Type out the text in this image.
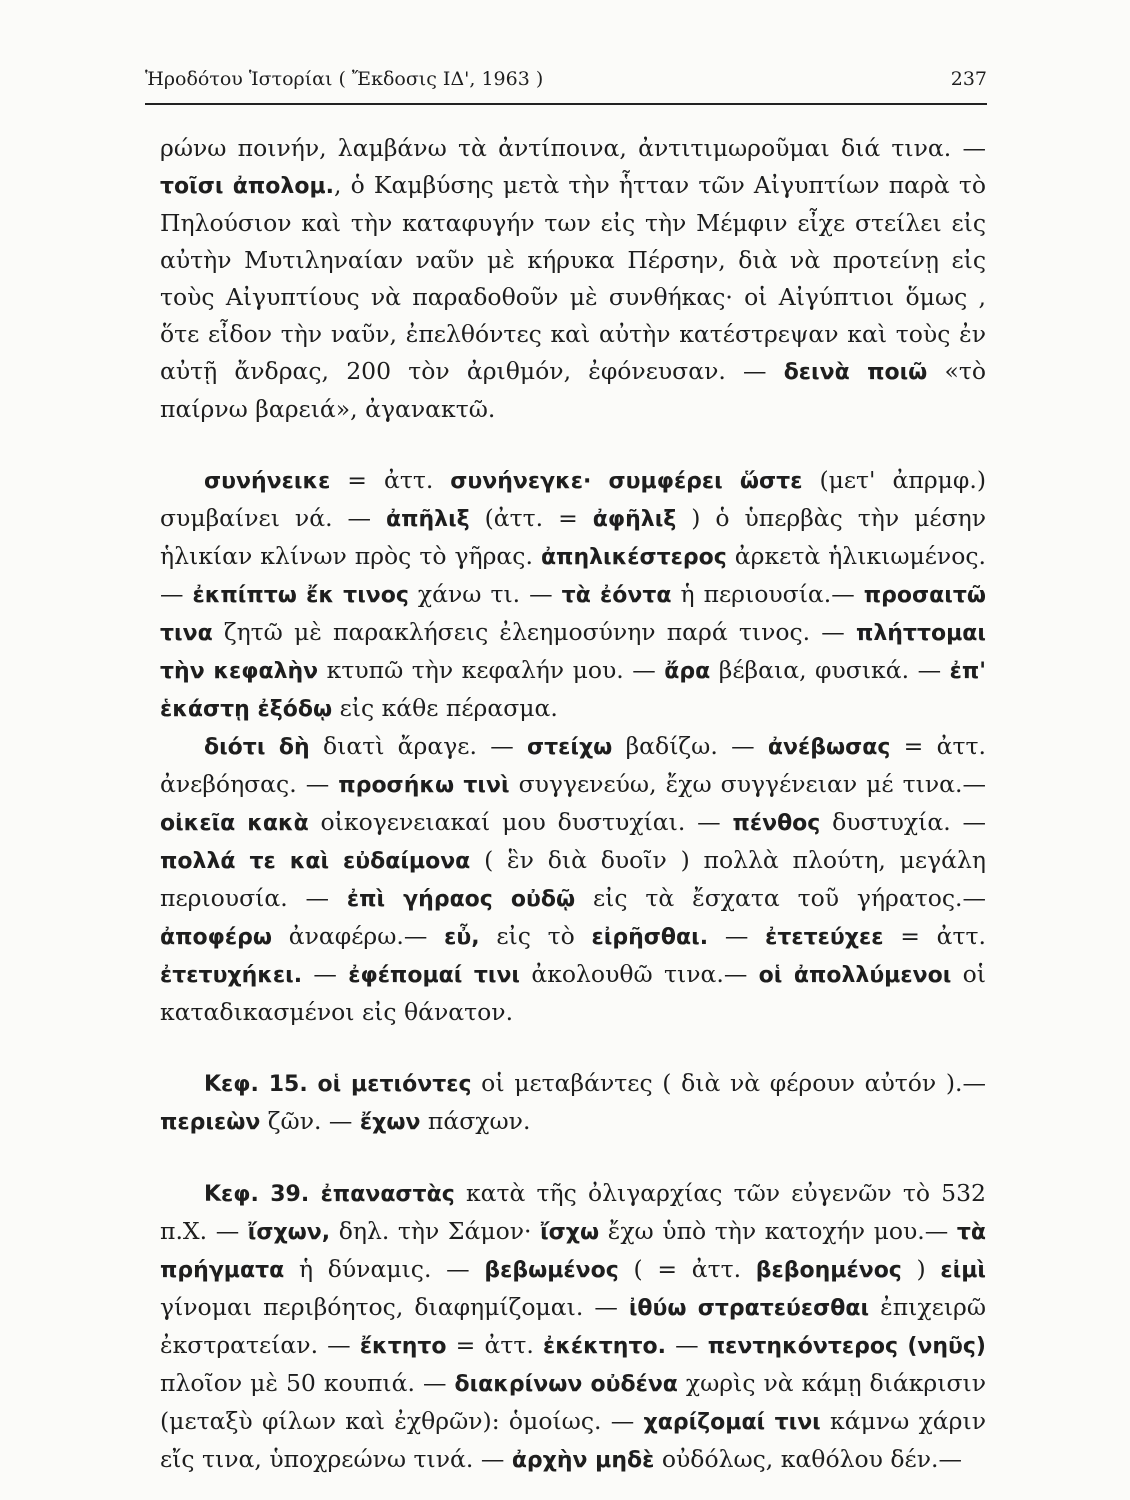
Ἡροδότου Ἱστορίαι ( Ἔκδοσις ΙΔ', 1963 )	237

ρώνω ποινήν, λαμβάνω τὰ ἀντίποινα, ἀντιτιμωροῦμαι διά τινα. — τοῖσι ἀπολομ., ὁ Καμβύσης μετὰ τὴν ἧτταν τῶν Αἰγυπτίων παρὰ τὸ Πηλούσιον καὶ τὴν καταφυγήν των εἰς τὴν Μέμφιν εἶχε στείλει εἰς αὐτὴν Μυτιληναίαν ναῦν μὲ κήρυκα Πέρσην, διὰ νὰ προτείνῃ εἰς τοὺς Αἰγυπτίους νὰ παραδοθοῦν μὲ συνθήκας· οἱ Αἰγύπτιοι ὅμως , ὅτε εἶδον τὴν ναῦν, ἐπελθόντες καὶ αὐτὴν κατέστρεψαν καὶ τοὺς ἐν αὐτῇ ἄνδρας, 200 τὸν ἀριθμόν, ἐφόνευσαν. — δεινὰ ποιῶ «τὸ παίρνω βαρειά», ἀγανακτῶ.

συνήνεικε = ἀττ. συνήνεγκε· συμφέρει ὥστε (μετ' ἀπρμφ.) συμβαίνει νά. — ἀπῆλιξ (ἀττ. = ἀφῆλιξ ) ὁ ὑπερβὰς τὴν μέσην ἡλικίαν κλίνων πρὸς τὸ γῆρας. ἀπηλικέστερος ἀρκετὰ ἡλικιωμένος. — ἐκπίπτω ἔκ τινος χάνω τι. — τὰ ἐόντα ἡ περιουσία.— προσαιτῶ τινα ζητῶ μὲ παρακλήσεις ἐλεημοσύνην παρά τινος. — πλήττομαι τὴν κεφαλὴν κτυπῶ τὴν κεφαλήν μου. — ἄρα βέβαια, φυσικά. — ἐπ' ἑκάστῃ ἐξόδῳ εἰς κάθε πέρασμα.

διότι δὴ διατὶ ἄραγε. — στείχω βαδίζω. — ἀνέβωσας = ἀττ. ἀνεβόησας. — προσήκω τινὶ συγγενεύω, ἔχω συγγένειαν μέ τινα.— οἰκεῖα κακὰ οἰκογενειακαί μου δυστυχίαι. — πένθος δυστυχία. — πολλά τε καὶ εὐδαίμονα ( ἓν διὰ δυοῖν ) πολλὰ πλούτη, μεγάλη περιουσία. — ἐπὶ γήραος οὐδῷ εἰς τὰ ἔσχατα τοῦ γήρατος.— ἀποφέρω ἀναφέρω.— εὖ, εἰς τὸ εἰρῆσθαι. — ἐτετεύχεε = ἀττ. ἐτετυχήκει. — ἐφέπομαί τινι ἀκολουθῶ τινα.— οἱ ἀπολλύμενοι οἱ καταδικασμένοι εἰς θάνατον.

Κεφ. 15. οἱ μετιόντες οἱ μεταβάντες ( διὰ νὰ φέρουν αὐτόν ).— περιεὼν ζῶν. — ἔχων πάσχων.

Κεφ. 39. ἐπαναστὰς κατὰ τῆς ὀλιγαρχίας τῶν εὐγενῶν τὸ 532 π.Χ. — ἴσχων, δηλ. τὴν Σάμον· ἴσχω ἔχω ὑπὸ τὴν κατοχήν μου.— τὰ πρήγματα ἡ δύναμις. — βεβωμένος ( = ἀττ. βεβοημένος ) εἰμὶ γίνομαι περιβόητος, διαφημίζομαι. — ἰθύω στρατεύεσθαι ἐπιχειρῶ ἐκστρατείαν. — ἔκτητο = ἀττ. ἐκέκτητο. — πεντηκόντερος (νηῦς) πλοῖον μὲ 50 κουπιά. — διακρίνων οὐδένα χωρὶς νὰ κάμῃ διάκρισιν (μεταξὺ φίλων καὶ ἐχθρῶν): ὁμοίως. — χαρίζομαί τινι κάμνω χάριν εἴς τινα, ὑποχρεώνω τινά. — ἀρχὴν μηδὲ οὐδόλως, καθόλου δέν.—
